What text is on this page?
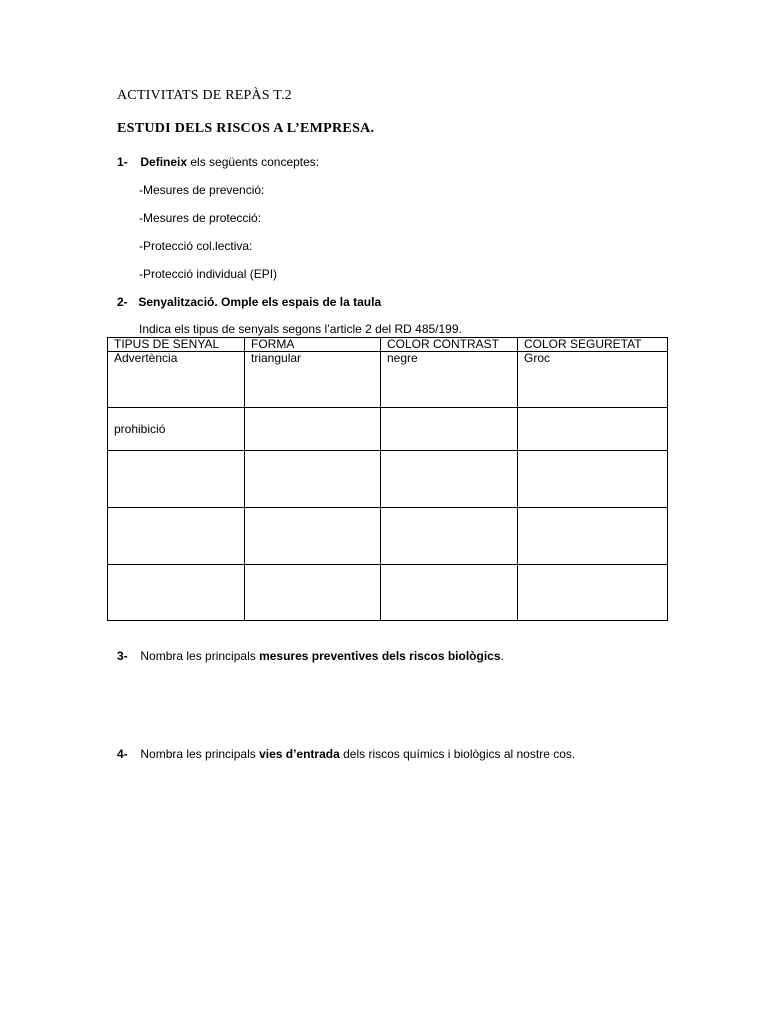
ACTIVITATS DE REPÀS T.2
ESTUDI DELS RISCOS A L’EMPRESA.
1- Defineix els següents conceptes:
-Mesures de prevenció:
-Mesures de protecció:
-Protecció col.lectiva:
-Protecció individual (EPI)
2- Senyalització. Omple els espais de la taula
Indica els tipus de senyals segons l’article 2 del RD 485/199.
TIPUS DE SENYAL	FORMA	COLOR CONTRAST	COLOR SEGURETAT
Advertència	triangular	negre	Groc
prohibició			

3- Nombra les principals mesures preventives dels riscos biològics.
4- Nombra les principals vies d’entrada dels riscos químics i biològics al nostre cos.
